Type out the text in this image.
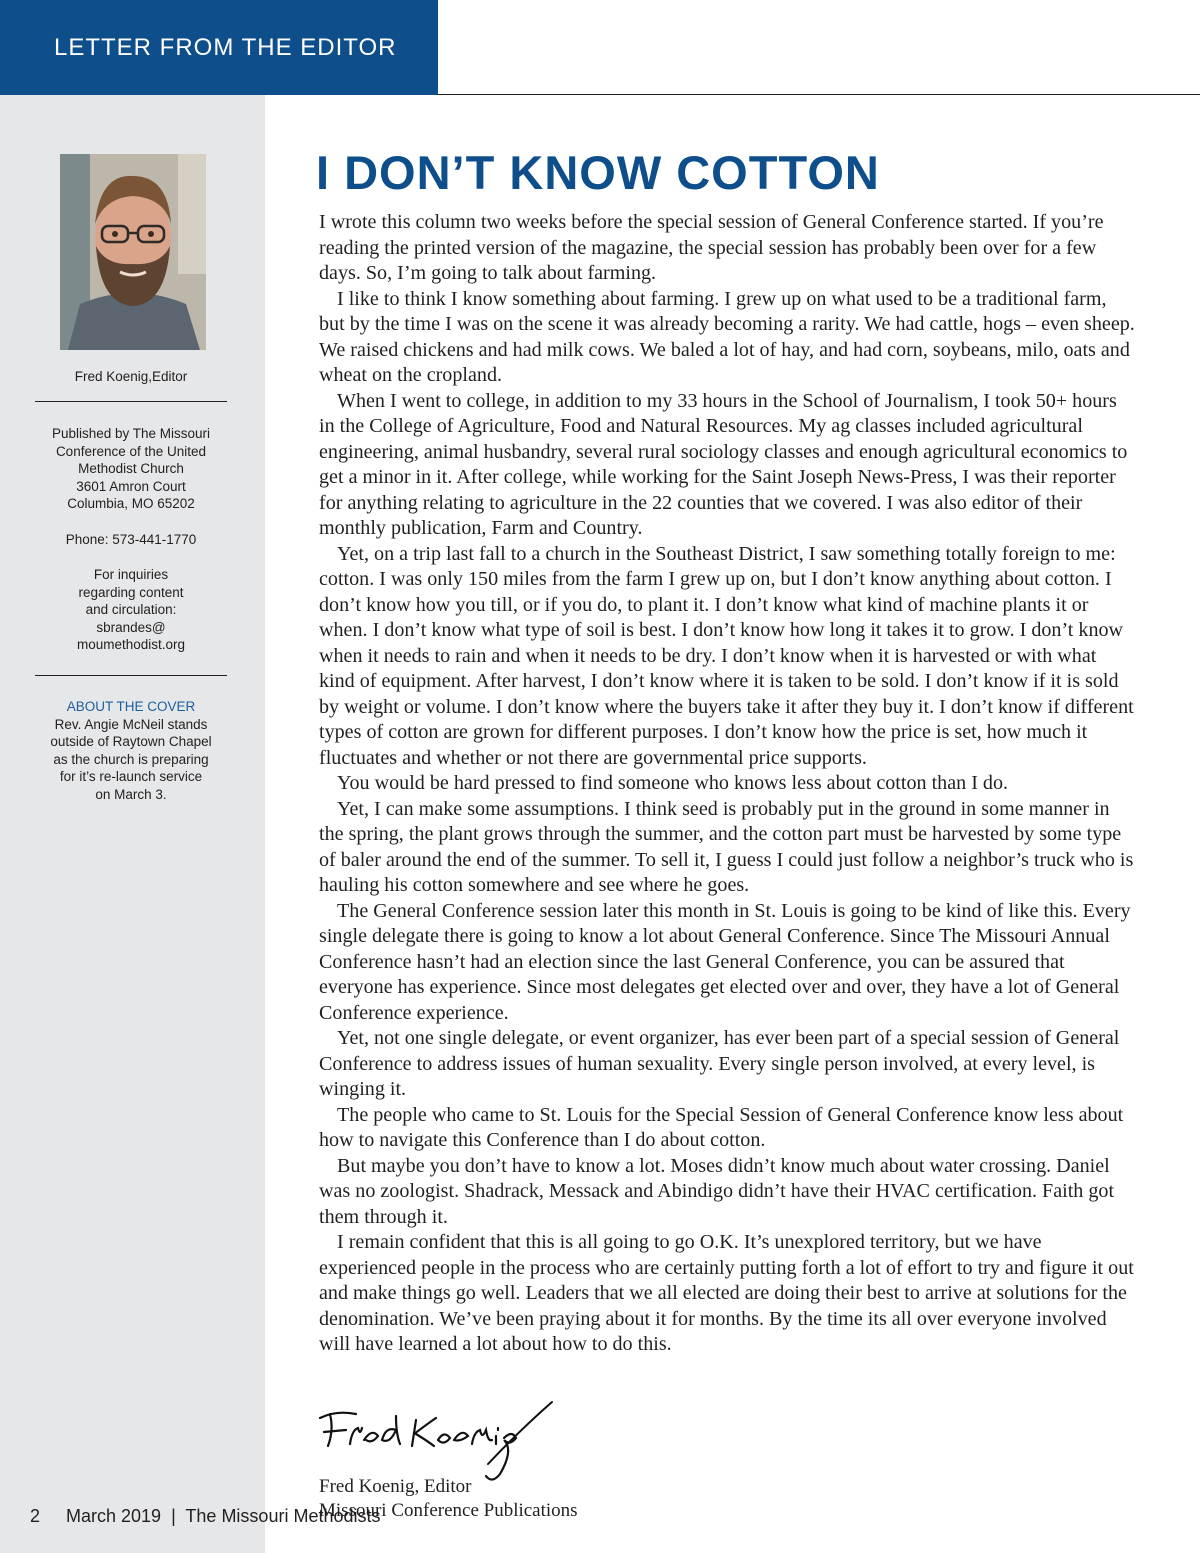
LETTER FROM THE EDITOR
Fred Koenig,Editor
Published by The Missouri
Conference of the United
Methodist Church
3601 Amron Court
Columbia, MO 65202
Phone: 573-441-1770
For inquiries
regarding content
and circulation:
sbrandes@
moumethodist.org
ABOUT THE COVER
Rev. Angie McNeil stands
outside of Raytown Chapel
as the church is preparing
for it’s re-launch service
on March 3.
I DON’T KNOW COTTON

I wrote this column two weeks before the special session of General Conference started. If you’re reading the printed version of the magazine, the special session has probably been over for a few days. So, I’m going to talk about farming.

I like to think I know something about farming. I grew up on what used to be a traditional farm, but by the time I was on the scene it was already becoming a rarity. We had cattle, hogs – even sheep. We raised chickens and had milk cows. We baled a lot of hay, and had corn, soybeans, milo, oats and wheat on the cropland.

When I went to college, in addition to my 33 hours in the School of Journalism, I took 50+ hours in the College of Agriculture, Food and Natural Resources. My ag classes included agricultural engineering, animal husbandry, several rural sociology classes and enough agricultural economics to get a minor in it. After college, while working for the Saint Joseph News-Press, I was their reporter for anything relating to agriculture in the 22 counties that we covered. I was also editor of their monthly publication, Farm and Country.

Yet, on a trip last fall to a church in the Southeast District, I saw something totally foreign to me: cotton. I was only 150 miles from the farm I grew up on, but I don’t know anything about cotton. I don’t know how you till, or if you do, to plant it. I don’t know what kind of machine plants it or when. I don’t know what type of soil is best. I don’t know how long it takes it to grow. I don’t know when it needs to rain and when it needs to be dry. I don’t know when it is harvested or with what kind of equipment. After harvest, I don’t know where it is taken to be sold. I don’t know if it is sold by weight or volume. I don’t know where the buyers take it after they buy it. I don’t know if different types of cotton are grown for different purposes. I don’t know how the price is set, how much it fluctuates and whether or not there are governmental price supports.

You would be hard pressed to find someone who knows less about cotton than I do.

Yet, I can make some assumptions. I think seed is probably put in the ground in some manner in the spring, the plant grows through the summer, and the cotton part must be harvested by some type of baler around the end of the summer. To sell it, I guess I could just follow a neighbor’s truck who is hauling his cotton somewhere and see where he goes.

The General Conference session later this month in St. Louis is going to be kind of like this. Every single delegate there is going to know a lot about General Conference. Since The Missouri Annual Conference hasn’t had an election since the last General Conference, you can be assured that everyone has experience. Since most delegates get elected over and over, they have a lot of General Conference experience.

Yet, not one single delegate, or event organizer, has ever been part of a special session of General Conference to address issues of human sexuality. Every single person involved, at every level, is winging it.

The people who came to St. Louis for the Special Session of General Conference know less about how to navigate this Conference than I do about cotton.

But maybe you don’t have to know a lot. Moses didn’t know much about water crossing. Daniel was no zoologist. Shadrack, Messack and Abindigo didn’t have their HVAC certification. Faith got them through it.

I remain confident that this is all going to go O.K. It’s unexplored territory, but we have experienced people in the process who are certainly putting forth a lot of effort to try and figure it out and make things go well. Leaders that we all elected are doing their best to arrive at solutions for the denomination. We’ve been praying about it for months. By the time its all over everyone involved will have learned a lot about how to do this.

Fred Koenig, Editor
Missouri Conference Publications
2 March 2019  |  The Missouri Methodists
